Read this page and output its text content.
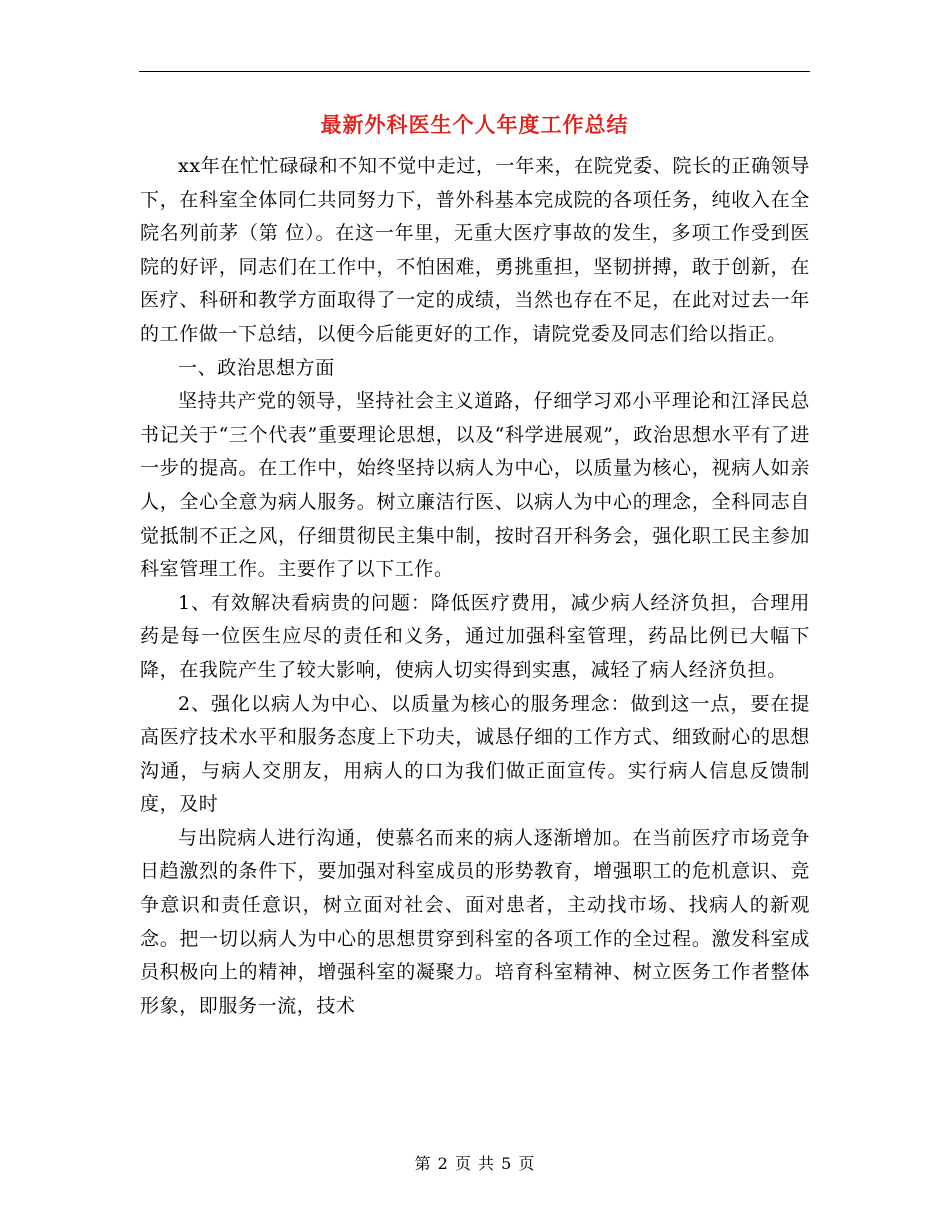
最新外科医生个人年度工作总结

xx年在忙忙碌碌和不知不觉中走过，一年来，在院党委、院长的正确领导下，在科室全体同仁共同努力下，普外科基本完成院的各项任务，纯收入在全院名列前茅（第 位）。在这一年里，无重大医疗事故的发生，多项工作受到医院的好评，同志们在工作中，不怕困难，勇挑重担，坚韧拼搏，敢于创新，在医疗、科研和教学方面取得了一定的成绩，当然也存在不足，在此对过去一年的工作做一下总结，以便今后能更好的工作，请院党委及同志们给以指正。

一、政治思想方面

坚持共产党的领导，坚持社会主义道路，仔细学习邓小平理论和江泽民总书记关于“三个代表”重要理论思想，以及“科学进展观”，政治思想水平有了进一步的提高。在工作中，始终坚持以病人为中心，以质量为核心，视病人如亲人，全心全意为病人服务。树立廉洁行医、以病人为中心的理念，全科同志自觉抵制不正之风，仔细贯彻民主集中制，按时召开科务会，强化职工民主参加科室管理工作。主要作了以下工作。

1、有效解决看病贵的问题：降低医疗费用，减少病人经济负担，合理用药是每一位医生应尽的责任和义务，通过加强科室管理，药品比例已大幅下降，在我院产生了较大影响，使病人切实得到实惠，减轻了病人经济负担。

2、强化以病人为中心、以质量为核心的服务理念：做到这一点，要在提高医疗技术水平和服务态度上下功夫，诚恳仔细的工作方式、细致耐心的思想沟通，与病人交朋友，用病人的口为我们做正面宣传。实行病人信息反馈制度，及时

与出院病人进行沟通，使慕名而来的病人逐渐增加。在当前医疗市场竞争日趋激烈的条件下，要加强对科室成员的形势教育，增强职工的危机意识、竞争意识和责任意识，树立面对社会、面对患者，主动找市场、找病人的新观念。把一切以病人为中心的思想贯穿到科室的各项工作的全过程。激发科室成员积极向上的精神，增强科室的凝聚力。培育科室精神、树立医务工作者整体形象，即服务一流，技术

第 2 页 共 5 页
